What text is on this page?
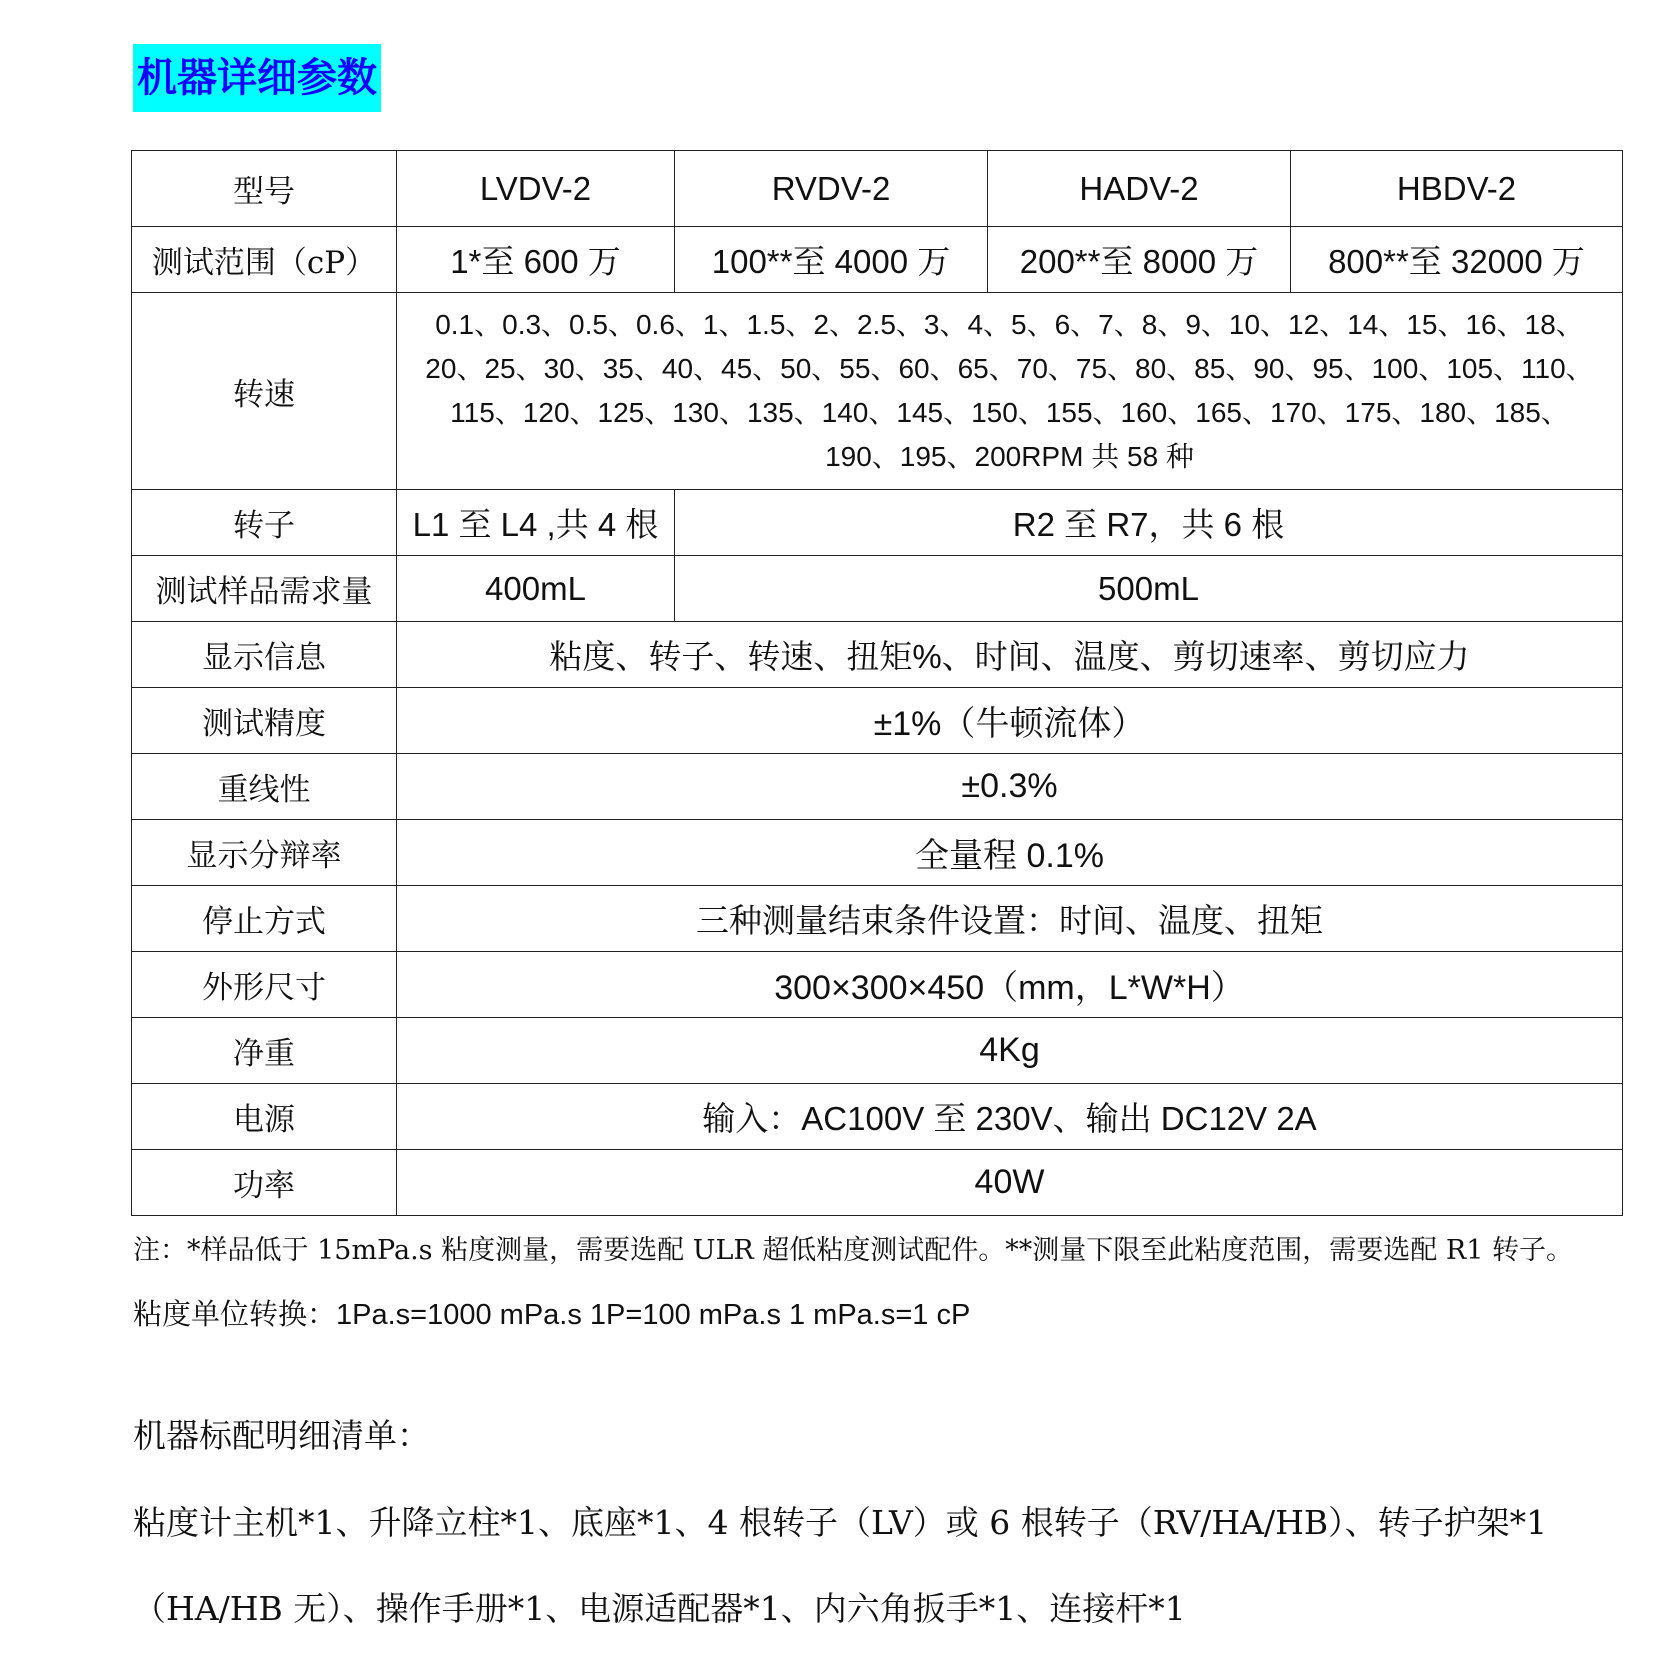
机器详细参数
型号	LVDV-2	RVDV-2	HADV-2	HBDV-2
测试范围（cP）	1*至 600 万	100**至 4000 万	200**至 8000 万	800**至 32000 万
转速	0.1、0.3、0.5、0.6、1、1.5、2、2.5、3、4、5、6、7、8、9、10、12、14、15、16、18、
20、25、30、35、40、45、50、55、60、65、70、75、80、85、90、95、100、105、110、
115、120、125、130、135、140、145、150、155、160、165、170、175、180、185、
190、195、200RPM 共 58 种			

转子	L1 至 L4 ,共 4 根	R2 至 R7，共 6 根		
测试样品需求量	400mL	500mL		
显示信息	粘度、转子、转速、扭矩%、时间、温度、剪切速率、剪切应力			
测试精度	±1%（牛顿流体）			
重线性	±0.3%			
显示分辩率	全量程 0.1%			
停止方式	三种测量结束条件设置：时间、温度、扭矩			
外形尺寸	300×300×450（mm，L*W*H）			
净重	4Kg			
电源	输入：AC100V 至 230V、输出 DC12V 2A			
功率	40W			
注：*样品低于 15mPa.s 粘度测量，需要选配 ULR 超低粘度测试配件。**测量下限至此粘度范围，需要选配 R1 转子。
粘度单位转换：1Pa.s=1000 mPa.s 1P=100 mPa.s 1 mPa.s=1 cP
机器标配明细清单：
粘度计主机*1、升降立柱*1、底座*1、4 根转子（LV）或 6 根转子（RV/HA/HB）、转子护架*1
（HA/HB 无）、操作手册*1、电源适配器*1、内六角扳手*1、连接杆*1
